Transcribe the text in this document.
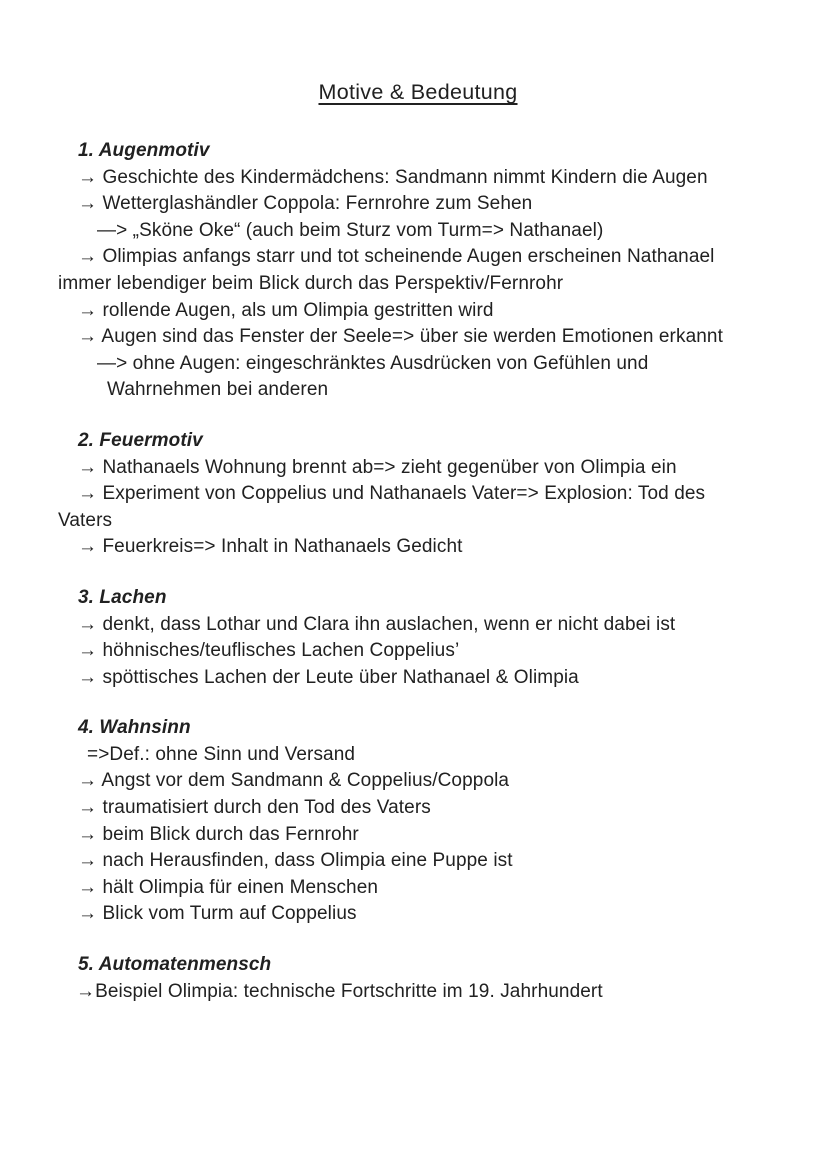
Motive & Bedeutung
1. Augenmotiv
→ Geschichte des Kindermädchens: Sandmann nimmt Kindern die Augen
→ Wetterglashändler Coppola: Fernrohre zum Sehen
—> „Sköne Oke“ (auch beim Sturz vom Turm=> Nathanael)
→ Olimpias anfangs starr und tot scheinende Augen erscheinen Nathanael
immer lebendiger beim Blick durch das Perspektiv/Fernrohr
→ rollende Augen, als um Olimpia gestritten wird
→ Augen sind das Fenster der Seele=> über sie werden Emotionen erkannt
—> ohne Augen: eingeschränktes Ausdrücken von Gefühlen und
Wahrnehmen bei anderen
2. Feuermotiv
→ Nathanaels Wohnung brennt ab=> zieht gegenüber von Olimpia ein
→ Experiment von Coppelius und Nathanaels Vater=> Explosion: Tod des
Vaters
→ Feuerkreis=> Inhalt in Nathanaels Gedicht
3. Lachen
→ denkt, dass Lothar und Clara ihn auslachen, wenn er nicht dabei ist
→ höhnisches/teuflisches Lachen Coppelius’
→ spöttisches Lachen der Leute über Nathanael & Olimpia
4. Wahnsinn
=>Def.: ohne Sinn und Versand
→ Angst vor dem Sandmann & Coppelius/Coppola
→ traumatisiert durch den Tod des Vaters
→ beim Blick durch das Fernrohr
→ nach Herausfinden, dass Olimpia eine Puppe ist
→ hält Olimpia für einen Menschen
→ Blick vom Turm auf Coppelius
5. Automatenmensch
→Beispiel Olimpia: technische Fortschritte im 19. Jahrhundert
